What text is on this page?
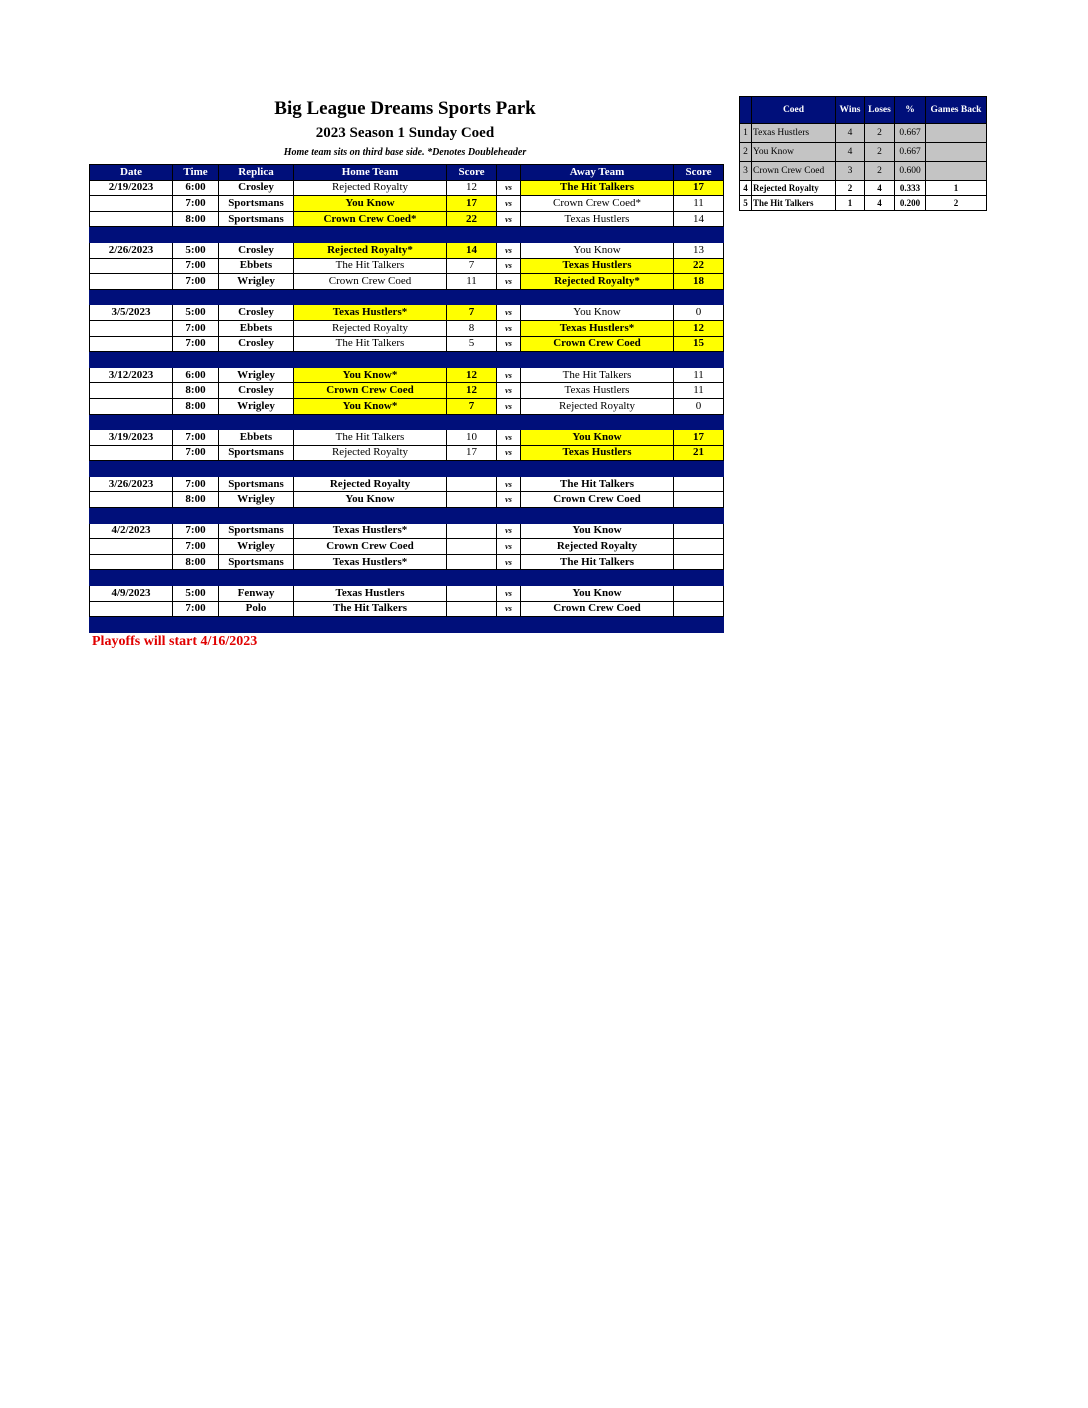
Big League Dreams Sports Park
2023 Season 1 Sunday Coed
Home team sits on third base side. *Denotes Doubleheader
Date	Time	Replica	Home Team	Score		Away Team	Score
2/19/2023	6:00	Crosley	Rejected Royalty	12	vs	The Hit Talkers	17
	7:00	Sportsmans	You Know	17	vs	Crown Crew Coed*	11
	8:00	Sportsmans	Crown Crew Coed*	22	vs	Texas Hustlers	14

2/26/2023	5:00	Crosley	Rejected Royalty*	14	vs	You Know	13
	7:00	Ebbets	The Hit Talkers	7	vs	Texas Hustlers	22
	7:00	Wrigley	Crown Crew Coed	11	vs	Rejected Royalty*	18

3/5/2023	5:00	Crosley	Texas Hustlers*	7	vs	You Know	0
	7:00	Ebbets	Rejected Royalty	8	vs	Texas Hustlers*	12
	7:00	Crosley	The Hit Talkers	5	vs	Crown Crew Coed	15

3/12/2023	6:00	Wrigley	You Know*	12	vs	The Hit Talkers	11
	8:00	Crosley	Crown Crew Coed	12	vs	Texas Hustlers	11
	8:00	Wrigley	You Know*	7	vs	Rejected Royalty	0

3/19/2023	7:00	Ebbets	The Hit Talkers	10	vs	You Know	17
	7:00	Sportsmans	Rejected Royalty	17	vs	Texas Hustlers	21

3/26/2023	7:00	Sportsmans	Rejected Royalty		vs	The Hit Talkers	
	8:00	Wrigley	You Know		vs	Crown Crew Coed	

4/2/2023	7:00	Sportsmans	Texas Hustlers*		vs	You Know	
	7:00	Wrigley	Crown Crew Coed		vs	Rejected Royalty	
	8:00	Sportsmans	Texas Hustlers*		vs	The Hit Talkers	

4/9/2023	5:00	Fenway	Texas Hustlers		vs	You Know	
	7:00	Polo	The Hit Talkers		vs	Crown Crew Coed	

	Coed	Wins	Loses	%	Games Back
1	Texas Hustlers	4	2	0.667	
2	You Know	4	2	0.667	
3	Crown Crew Coed	3	2	0.600	
4	Rejected Royalty	2	4	0.333	1
5	The Hit Talkers	1	4	0.200	2
Playoffs will start 4/16/2023
